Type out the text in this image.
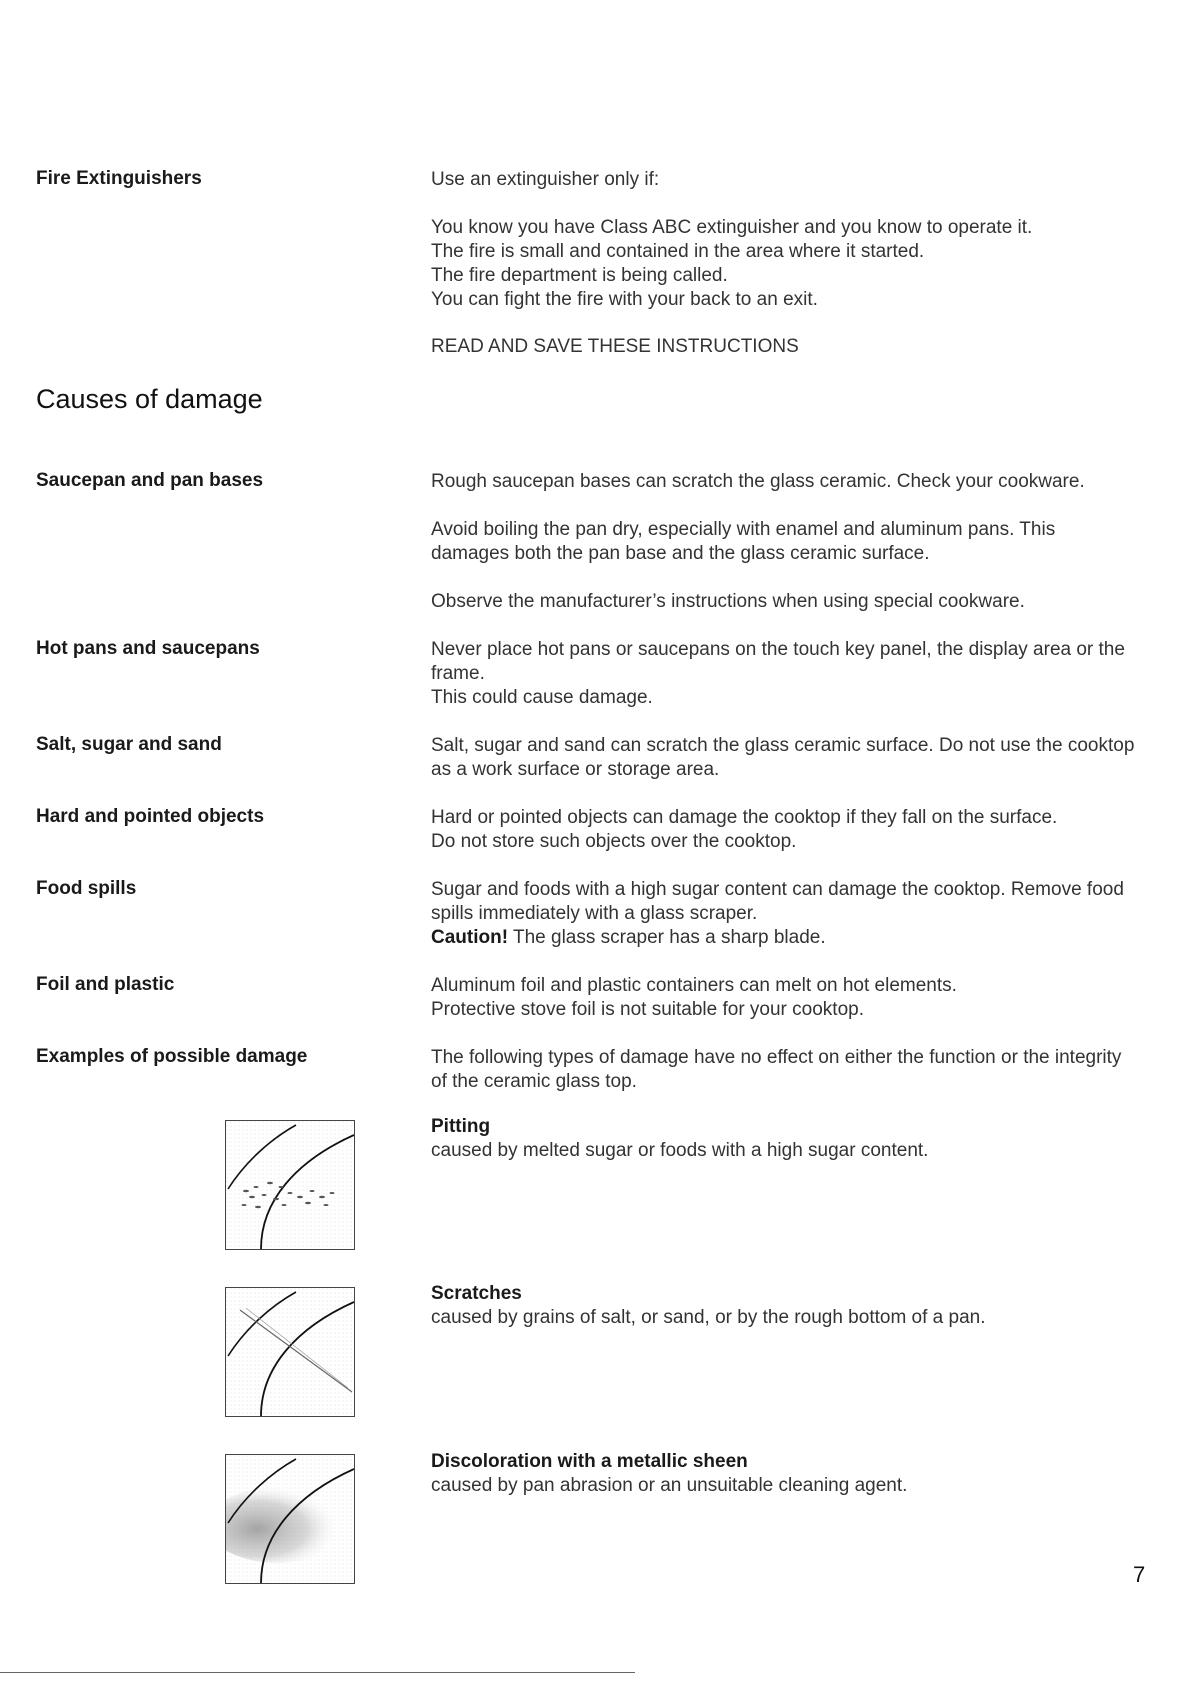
Fire Extinguishers	Use an extinguisher only if:
You know you have Class ABC extinguisher and you know to operate it.
The fire is small and contained in the area where it started.
The fire department is being called.
You can fight the fire with your back to an exit.
READ AND SAVE THESE INSTRUCTIONS
Causes of damage
Saucepan and pan bases	Rough saucepan bases can scratch the glass ceramic. Check your cookware.
Avoid boiling the pan dry, especially with enamel and aluminum pans. This
damages both the pan base and the glass ceramic surface.
Observe the manufacturer’s instructions when using special cookware.
Hot pans and saucepans	Never place hot pans or saucepans on the touch key panel, the display area or the
frame.
This could cause damage.
Salt, sugar and sand	Salt, sugar and sand can scratch the glass ceramic surface. Do not use the cooktop
as a work surface or storage area.
Hard and pointed objects	Hard or pointed objects can damage the cooktop if they fall on the surface.
Do not store such objects over the cooktop.
Food spills	Sugar and foods with a high sugar content can damage the cooktop. Remove food
spills immediately with a glass scraper.
Caution! The glass scraper has a sharp blade.
Foil and plastic	Aluminum foil and plastic containers can melt on hot elements.
Protective stove foil is not suitable for your cooktop.
Examples of possible damage	The following types of damage have no effect on either the function or the integrity
of the ceramic glass top.
Pitting
caused by melted sugar or foods with a high sugar content.
Scratches
caused by grains of salt, or sand, or by the rough bottom of a pan.
Discoloration with a metallic sheen
caused by pan abrasion or an unsuitable cleaning agent.
7
